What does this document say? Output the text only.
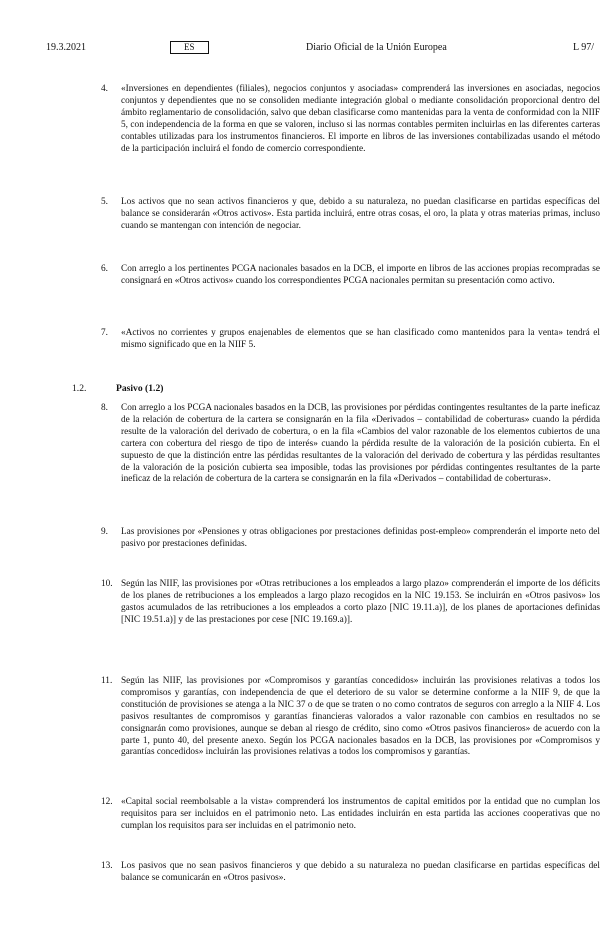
19.3.2021	ES	Diario Oficial de la Unión Europea	L 97/
4. «Inversiones en dependientes (filiales), negocios conjuntos y asociadas» comprenderá las inversiones en asociadas, negocios conjuntos y dependientes que no se consoliden mediante integración global o mediante consolidación proporcional dentro del ámbito reglamentario de consolidación, salvo que deban clasificarse como mantenidas para la venta de conformidad con la NIIF 5, con independencia de la forma en que se valoren, incluso si las normas contables permiten incluirlas en las diferentes carteras contables utilizadas para los instrumentos financieros. El importe en libros de las inversiones contabilizadas usando el método de la participación incluirá el fondo de comercio correspondiente.
5. Los activos que no sean activos financieros y que, debido a su naturaleza, no puedan clasificarse en partidas específicas del balance se considerarán «Otros activos». Esta partida incluirá, entre otras cosas, el oro, la plata y otras materias primas, incluso cuando se mantengan con intención de negociar.
6. Con arreglo a los pertinentes PCGA nacionales basados en la DCB, el importe en libros de las acciones propias recompradas se consignará en «Otros activos» cuando los correspondientes PCGA nacionales permitan su presentación como activo.
7. «Activos no corrientes y grupos enajenables de elementos que se han clasificado como mantenidos para la venta» tendrá el mismo significado que en la NIIF 5.
1.2.	Pasivo (1.2)
8. Con arreglo a los PCGA nacionales basados en la DCB, las provisiones por pérdidas contingentes resultantes de la parte ineficaz de la relación de cobertura de la cartera se consignarán en la fila «Derivados – contabilidad de coberturas» cuando la pérdida resulte de la valoración del derivado de cobertura, o en la fila «Cambios del valor razonable de los elementos cubiertos de una cartera con cobertura del riesgo de tipo de interés» cuando la pérdida resulte de la valoración de la posición cubierta. En el supuesto de que la distinción entre las pérdidas resultantes de la valoración del derivado de cobertura y las pérdidas resultantes de la valoración de la posición cubierta sea imposible, todas las provisiones por pérdidas contingentes resultantes de la parte ineficaz de la relación de cobertura de la cartera se consignarán en la fila «Derivados – contabilidad de coberturas».
9. Las provisiones por «Pensiones y otras obligaciones por prestaciones definidas post-empleo» comprenderán el importe neto del pasivo por prestaciones definidas.
10. Según las NIIF, las provisiones por «Otras retribuciones a los empleados a largo plazo» comprenderán el importe de los déficits de los planes de retribuciones a los empleados a largo plazo recogidos en la NIC 19.153. Se incluirán en «Otros pasivos» los gastos acumulados de las retribuciones a los empleados a corto plazo [NIC 19.11.a)], de los planes de aportaciones definidas [NIC 19.51.a)] y de las prestaciones por cese [NIC 19.169.a)].
11. Según las NIIF, las provisiones por «Compromisos y garantías concedidos» incluirán las provisiones relativas a todos los compromisos y garantías, con independencia de que el deterioro de su valor se determine conforme a la NIIF 9, de que la constitución de provisiones se atenga a la NIC 37 o de que se traten o no como contratos de seguros con arreglo a la NIIF 4. Los pasivos resultantes de compromisos y garantías financieras valorados a valor razonable con cambios en resultados no se consignarán como provisiones, aunque se deban al riesgo de crédito, sino como «Otros pasivos financieros» de acuerdo con la parte 1, punto 40, del presente anexo. Según los PCGA nacionales basados en la DCB, las provisiones por «Compromisos y garantías concedidos» incluirán las provisiones relativas a todos los compromisos y garantías.
12. «Capital social reembolsable a la vista» comprenderá los instrumentos de capital emitidos por la entidad que no cumplan los requisitos para ser incluidos en el patrimonio neto. Las entidades incluirán en esta partida las acciones cooperativas que no cumplan los requisitos para ser incluidas en el patrimonio neto.
13. Los pasivos que no sean pasivos financieros y que debido a su naturaleza no puedan clasificarse en partidas específicas del balance se comunicarán en «Otros pasivos».
